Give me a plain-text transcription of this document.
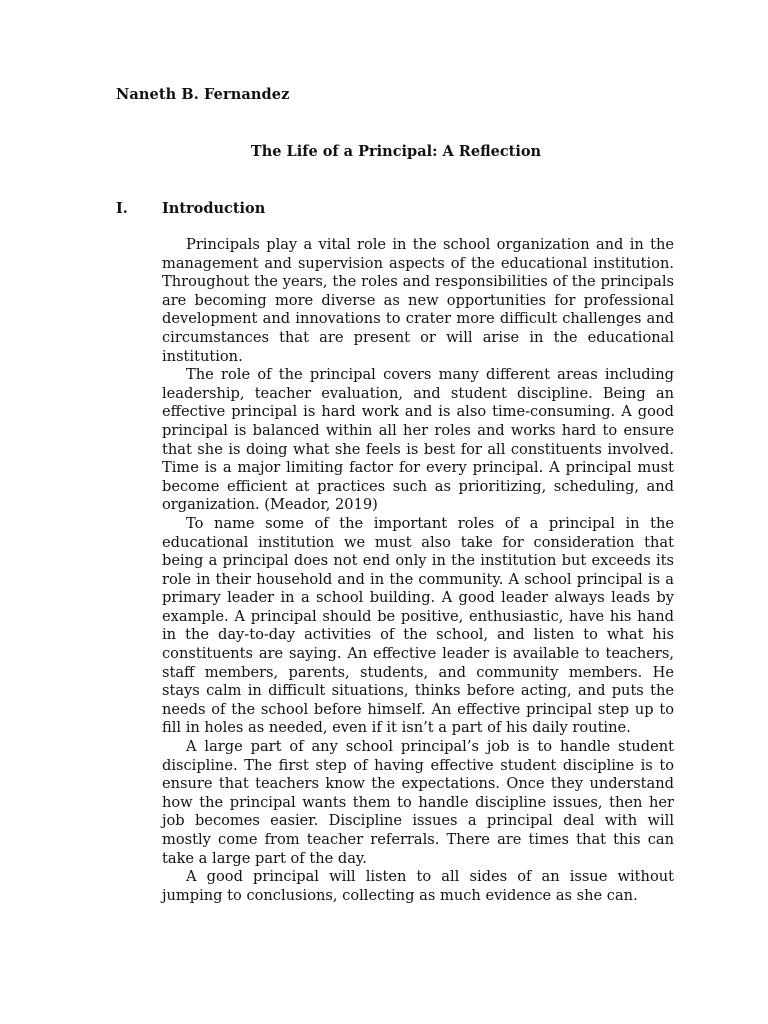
Naneth B. Fernandez
The Life of a Principal: A Reflection
I. Introduction

Principals play a vital role in the school organization and in the management and supervision aspects of the educational institution. Throughout the years, the roles and responsibilities of the principals are becoming more diverse as new opportunities for professional development and innovations to crater more difficult challenges and circumstances that are present or will arise in the educational institution.

The role of the principal covers many different areas including leadership, teacher evaluation, and student discipline. Being an effective principal is hard work and is also time-consuming. A good principal is balanced within all her roles and works hard to ensure that she is doing what she feels is best for all constituents involved. Time is a major limiting factor for every principal. A principal must become efficient at practices such as prioritizing, scheduling, and organization. (Meador, 2019)

To name some of the important roles of a principal in the educational institution we must also take for consideration that being a principal does not end only in the institution but exceeds its role in their household and in the community. A school principal is a primary leader in a school building. A good leader always leads by example. A principal should be positive, enthusiastic, have his hand in the day-to-day activities of the school, and listen to what his constituents are saying. An effective leader is available to teachers, staff members, parents, students, and community members. He stays calm in difficult situations, thinks before acting, and puts the needs of the school before himself. An effective principal step up to fill in holes as needed, even if it isn’t a part of his daily routine.

A large part of any school principal’s job is to handle student discipline. The first step of having effective student discipline is to ensure that teachers know the expectations. Once they understand how the principal wants them to handle discipline issues, then her job becomes easier. Discipline issues a principal deal with will mostly come from teacher referrals. There are times that this can take a large part of the day.

A good principal will listen to all sides of an issue without jumping to conclusions, collecting as much evidence as she can.
